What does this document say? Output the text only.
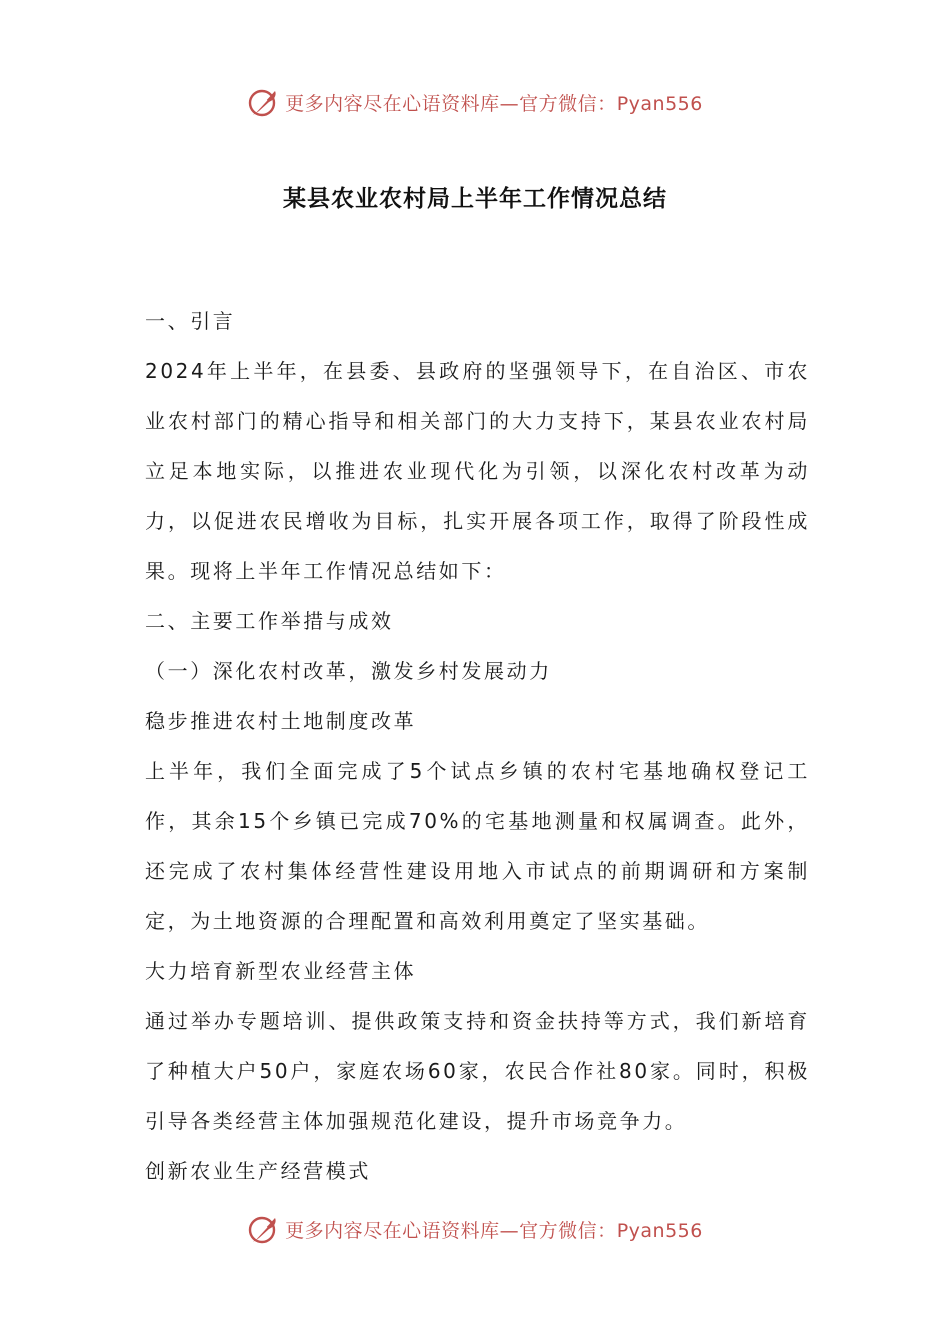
更多内容尽在心语资料库—官方微信：Pyan556
某县农业农村局上半年工作情况总结

一、引言

2024年上半年，在县委、县政府的坚强领导下，在自治区、市农业农村部门的精心指导和相关部门的大力支持下，某县农业农村局立足本地实际，以推进农业现代化为引领，以深化农村改革为动力，以促进农民增收为目标，扎实开展各项工作，取得了阶段性成果。现将上半年工作情况总结如下：

二、主要工作举措与成效

（一）深化农村改革，激发乡村发展动力

稳步推进农村土地制度改革

上半年，我们全面完成了5个试点乡镇的农村宅基地确权登记工作，其余15个乡镇已完成70%的宅基地测量和权属调查。此外，还完成了农村集体经营性建设用地入市试点的前期调研和方案制定，为土地资源的合理配置和高效利用奠定了坚实基础。

大力培育新型农业经营主体

通过举办专题培训、提供政策支持和资金扶持等方式，我们新培育了种植大户50户，家庭农场60家，农民合作社80家。同时，积极引导各类经营主体加强规范化建设，提升市场竞争力。

创新农业生产经营模式

更多内容尽在心语资料库—官方微信：Pyan556
